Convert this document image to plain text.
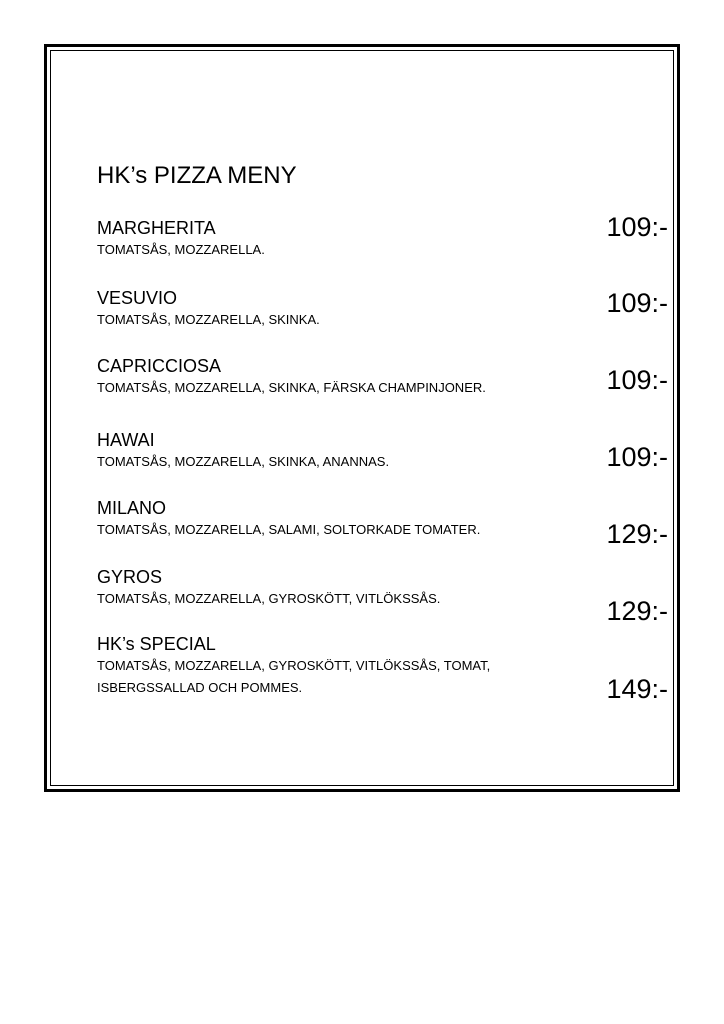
HK’s PIZZA MENY
MARGHERITA
TOMATSÅS, MOZZARELLA.
109:-
VESUVIO
TOMATSÅS, MOZZARELLA, SKINKA.
109:-
CAPRICCIOSA
TOMATSÅS, MOZZARELLA, SKINKA, FÄRSKA CHAMPINJONER.	109:-
HAWAI
TOMATSÅS, MOZZARELLA, SKINKA, ANANNAS.	109:-
MILANO
TOMATSÅS, MOZZARELLA, SALAMI, SOLTORKADE TOMATER.	129:-
GYROS
TOMATSÅS, MOZZARELLA, GYROSKÖTT, VITLÖKSSÅS.	129:-
HK’s SPECIAL
TOMATSÅS, MOZZARELLA, GYROSKÖTT, VITLÖKSSÅS, TOMAT,
ISBERGSSALLAD OCH POMMES.	149:-
